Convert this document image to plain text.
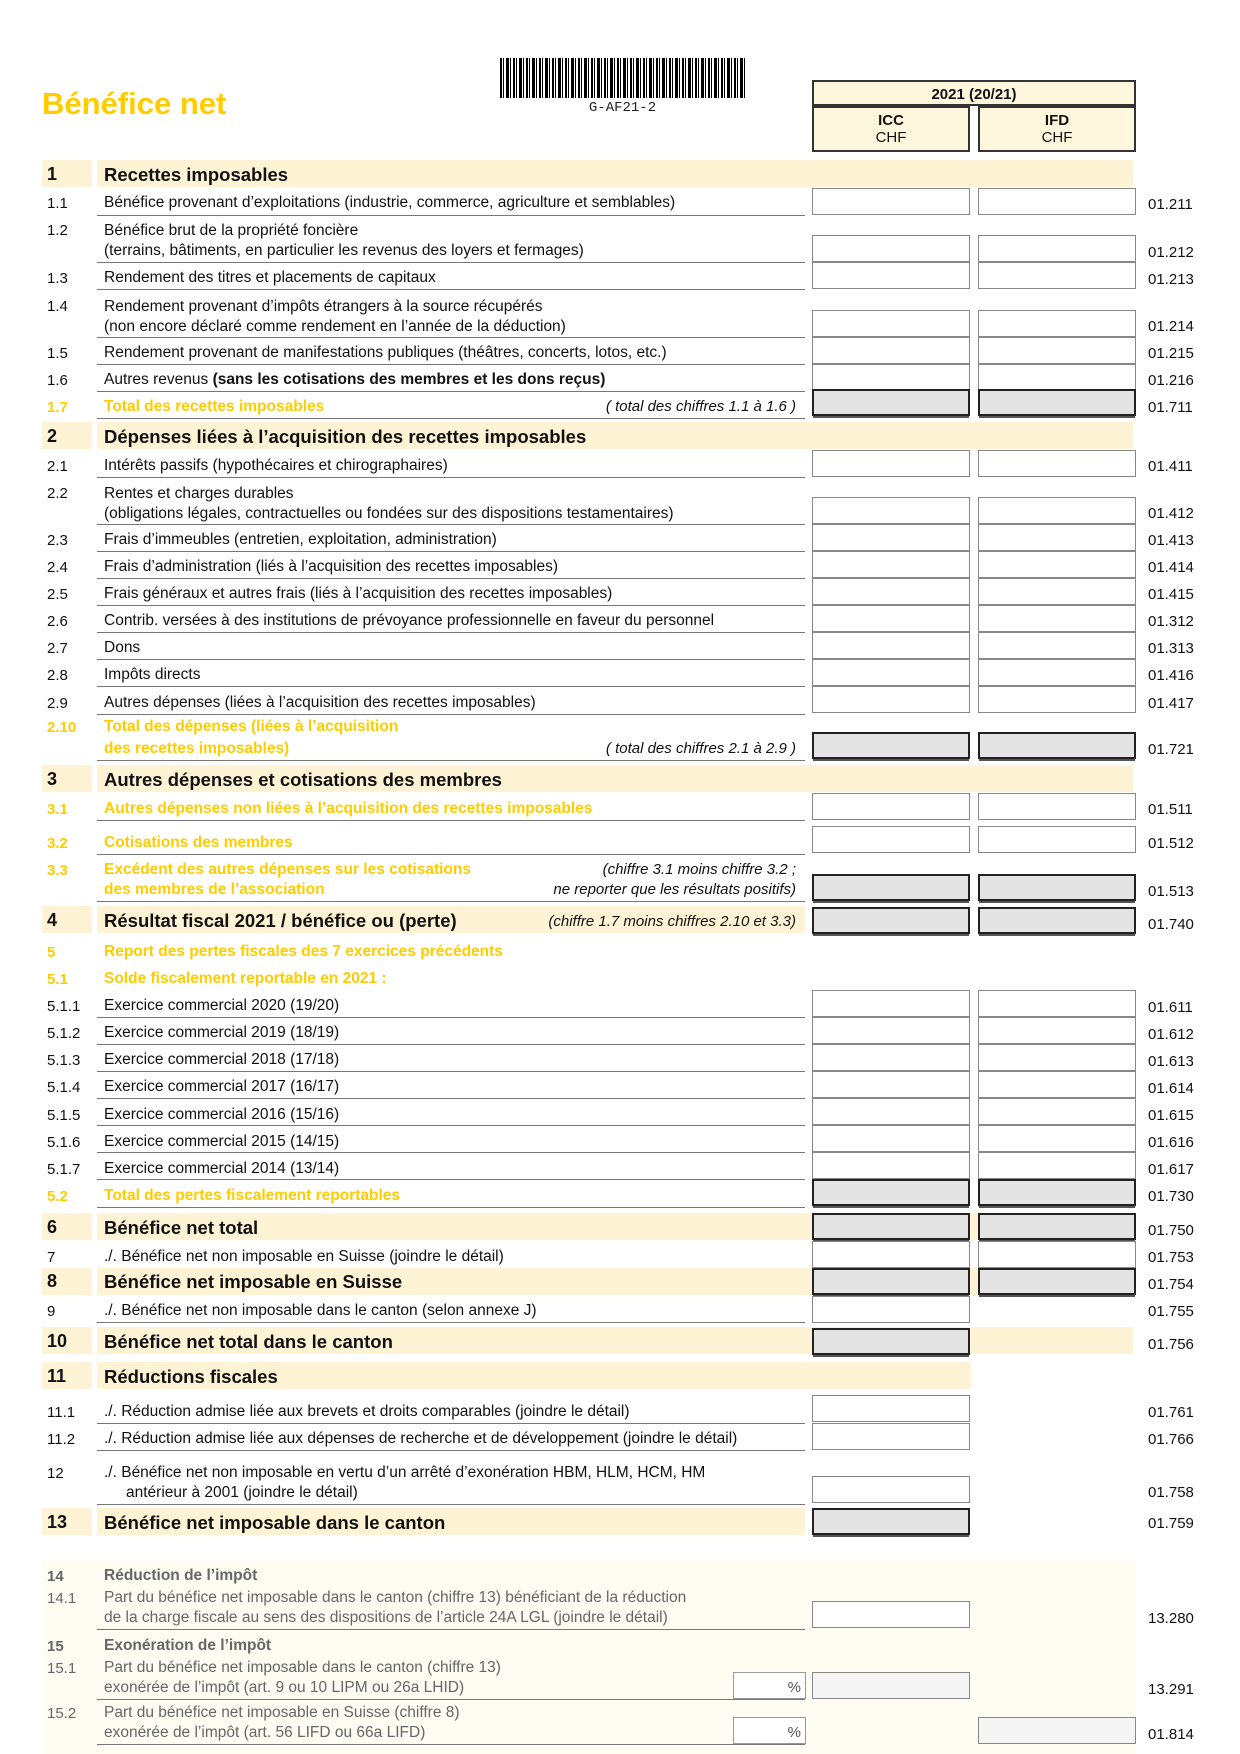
Bénéfice net	G-AF21-2
2021 (20/21)
ICC
CHF
IFD
CHF
1	Recettes imposables
1.1 Bénéfice provenant d’exploitations (industrie, commerce, agriculture et semblables)	01.211
1.2 Bénéfice brut de la propriété foncière
(terrains, bâtiments, en particulier les revenus des loyers et fermages)	01.212
1.3 Rendement des titres et placements de capitaux	01.213
1.4 Rendement provenant d’impôts étrangers à la source récupérés
(non encore déclaré comme rendement en l’année de la déduction)	01.214
1.5 Rendement provenant de manifestations publiques (théâtres, concerts, lotos, etc.)	01.215
1.6 Autres revenus (sans les cotisations des membres et les dons reçus)	01.216
1.7 Total des recettes imposables	( total des chiffres 1.1 à 1.6 )	01.711
2	Dépenses liées à l’acquisition des recettes imposables
2.1 Intérêts passifs (hypothécaires et chirographaires)	01.411
2.2 Rentes et charges durables
(obligations légales, contractuelles ou fondées sur des dispositions testamentaires)	01.412
2.3 Frais d’immeubles (entretien, exploitation, administration)	01.413
2.4 Frais d’administration (liés à l’acquisition des recettes imposables)	01.414
2.5 Frais généraux et autres frais (liés à l’acquisition des recettes imposables)	01.415
2.6 Contrib. versées à des institutions de prévoyance professionnelle en faveur du personnel	01.312
2.7 Dons	01.313
2.8 Impôts directs	01.416
2.9 Autres dépenses (liées à l’acquisition des recettes imposables)	01.417
2.10 Total des dépenses (liées à l’acquisition
des recettes imposables)	( total des chiffres 2.1 à 2.9 )	01.721
3	Autres dépenses et cotisations des membres
3.1 Autres dépenses non liées à l’acquisition des recettes imposables	01.511
3.2 Cotisations des membres	01.512
3.3 Excédent des autres dépenses sur les cotisations
des membres de l’association
(chiffre 3.1 moins chiffre 3.2 ;
ne reporter que les résultats positifs)	01.513
4	Résultat fiscal 2021 / bénéfice ou (perte)	(chiffre 1.7 moins chiffres 2.10 et 3.3)	01.740
5	Report des pertes fiscales des 7 exercices précédents
5.1 Solde fiscalement reportable en 2021 :
5.1.1 Exercice commercial 2020 (19/20)	01.611
5.1.2 Exercice commercial 2019 (18/19)	01.612
5.1.3 Exercice commercial 2018 (17/18)	01.613
5.1.4 Exercice commercial 2017 (16/17)	01.614
5.1.5 Exercice commercial 2016 (15/16)	01.615
5.1.6 Exercice commercial 2015 (14/15)	01.616
5.1.7 Exercice commercial 2014 (13/14)	01.617
5.2 Total des pertes fiscalement reportables	01.730
6	Bénéfice net total	01.750
7	./. Bénéfice net non imposable en Suisse (joindre le détail)	01.753
8	Bénéfice net imposable en Suisse	01.754
9	./. Bénéfice net non imposable dans le canton (selon annexe J)	01.755
10 Bénéfice net total dans le canton	01.756
11 Réductions fiscales
11.1 ./. Réduction admise liée aux brevets et droits comparables (joindre le détail)	01.761
11.2 ./. Réduction admise liée aux dépenses de recherche et de développement (joindre le détail)	01.766
12	./. Bénéfice net non imposable en vertu d’un arrêté d’exonération HBM, HLM, HCM, HM
antérieur à 2001 (joindre le détail)	01.758
13 Bénéfice net imposable dans le canton	01.759
14	Réduction de l’impôt
14.1 Part du bénéfice net imposable dans le canton (chiffre 13) bénéficiant de la réduction
de la charge fiscale au sens des dispositions de l’article 24A LGL (joindre le détail)	13.280
15	Exonération de l’impôt
15.1 Part du bénéfice net imposable dans le canton (chiffre 13)
exonérée de l’impôt (art. 9 ou 10 LIPM ou 26a LHID)	%	13.291
15.2 Part du bénéfice net imposable en Suisse (chiffre 8)
exonérée de l’impôt (art. 56 LIFD ou 66a LIFD)	%	01.814
